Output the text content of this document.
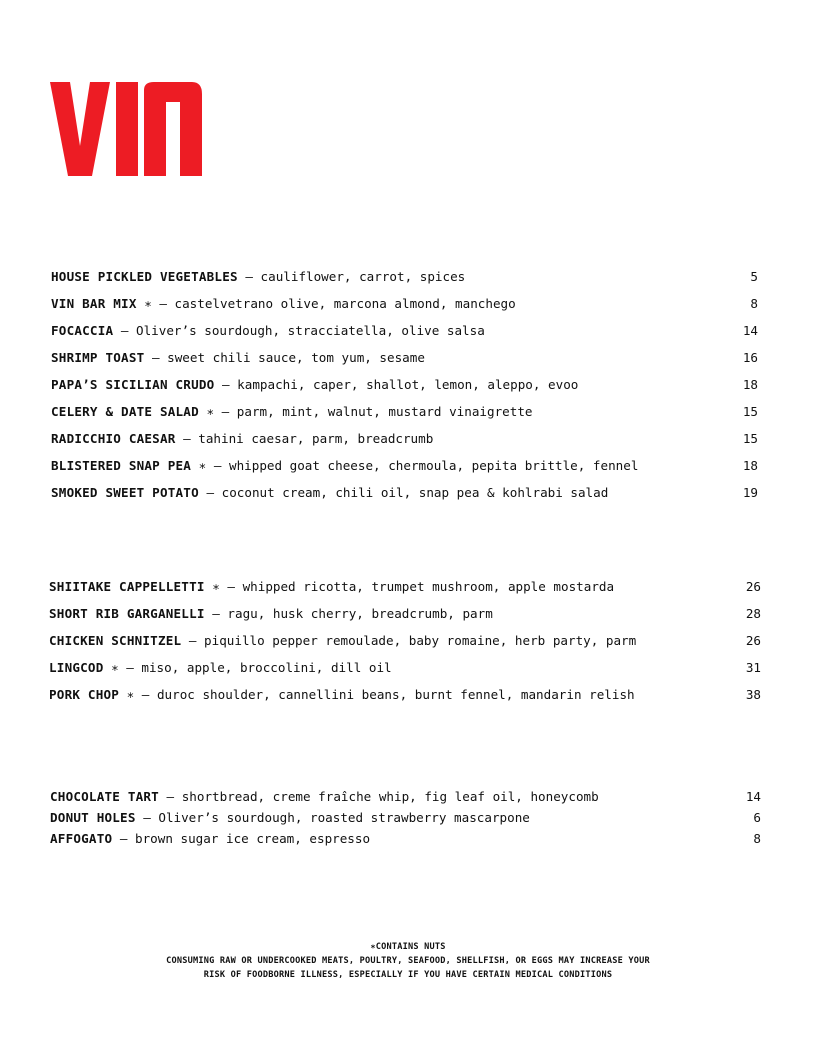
HOUSE PICKLED VEGETABLES – cauliflower, carrot, spices	5
VIN BAR MIX ∗ – castelvetrano olive, marcona almond, manchego	8
FOCACCIA – Oliver’s sourdough, stracciatella, olive salsa	14
SHRIMP TOAST – sweet chili sauce, tom yum, sesame	16
PAPA’S SICILIAN CRUDO – kampachi, caper, shallot, lemon, aleppo, evoo	18
CELERY & DATE SALAD ∗ – parm, mint, walnut, mustard vinaigrette	15
RADICCHIO CAESAR – tahini caesar, parm, breadcrumb	15
BLISTERED SNAP PEA ∗ – whipped goat cheese, chermoula, pepita brittle, fennel	18
SMOKED SWEET POTATO – coconut cream, chili oil, snap pea & kohlrabi salad	19
SHIITAKE CAPPELLETTI ∗ – whipped ricotta, trumpet mushroom, apple mostarda	26
SHORT RIB GARGANELLI – ragu, husk cherry, breadcrumb, parm	28
CHICKEN SCHNITZEL – piquillo pepper remoulade, baby romaine, herb party, parm	26
LINGCOD ∗ – miso, apple, broccolini, dill oil	31
PORK CHOP ∗ – duroc shoulder, cannellini beans, burnt fennel, mandarin relish	38
CHOCOLATE TART – shortbread, creme fraîche whip, fig leaf oil, honeycomb	14
DONUT HOLES – Oliver’s sourdough, roasted strawberry mascarpone	6
AFFOGATO – brown sugar ice cream, espresso	8
∗CONTAINS NUTS
CONSUMING RAW OR UNDERCOOKED MEATS, POULTRY, SEAFOOD, SHELLFISH, OR EGGS MAY INCREASE YOUR
RISK OF FOODBORNE ILLNESS, ESPECIALLY IF YOU HAVE CERTAIN MEDICAL CONDITIONS
